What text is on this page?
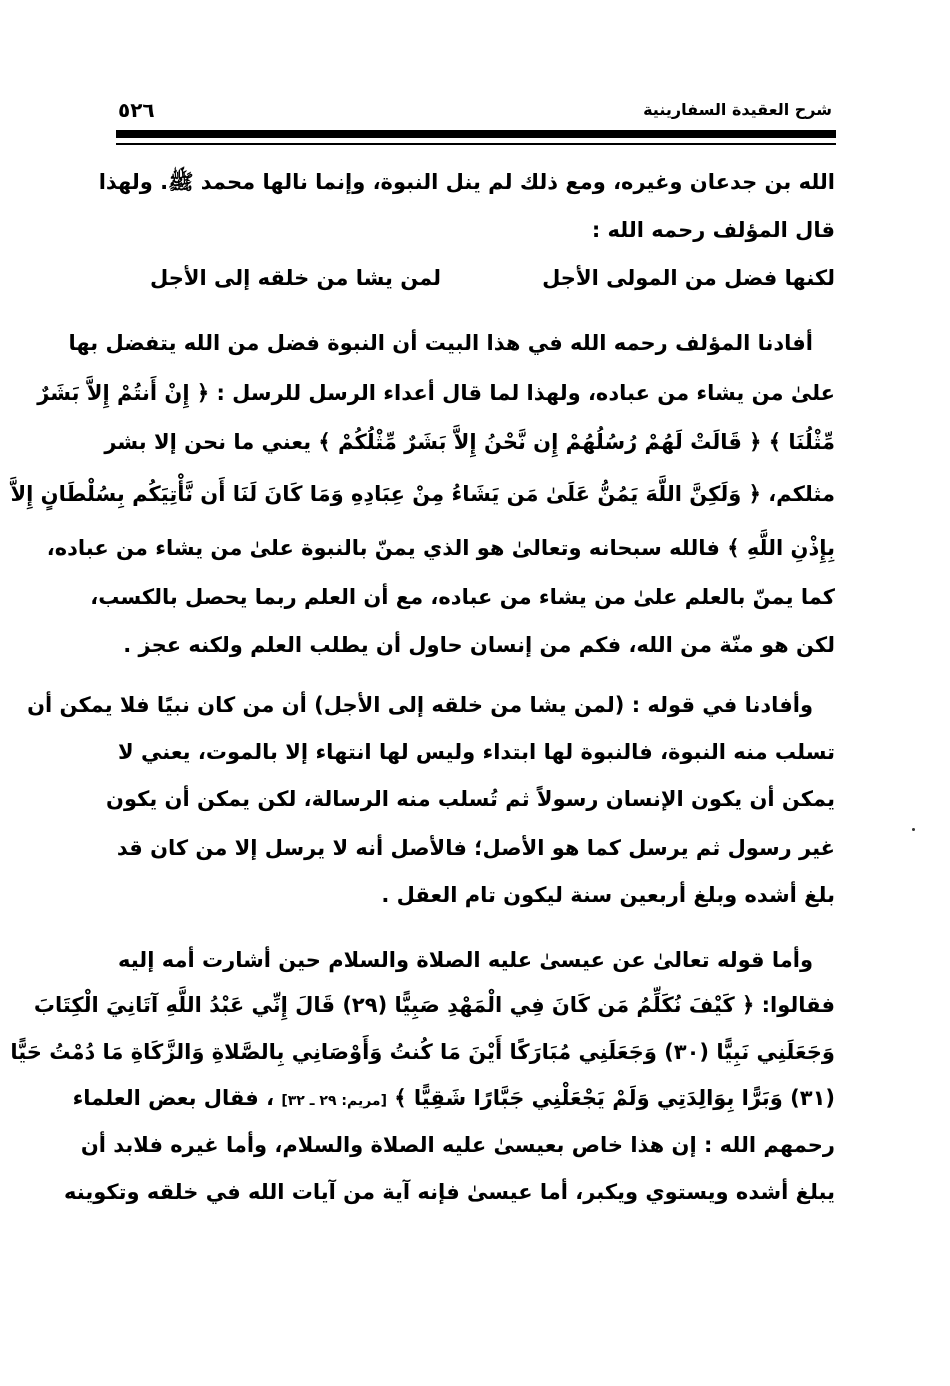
شرح العقيدة السفارينية
٥٢٦
الله بن جدعان وغيره، ومع ذلك لم ينل النبوة، وإنما نالها محمد ﷺ. ولهذا
قال المؤلف رحمه الله :
لكنها فضل من المولى الأجل
لمن يشا من خلقه إلى الأجل
أفادنا المؤلف رحمه الله في هذا البيت أن النبوة فضل من الله يتفضل بها
علىٰ من يشاء من عباده، ولهذا لما قال أعداء الرسل للرسل : ﴿ إِنْ أَنتُمْ إِلاَّ بَشَرٌ
مِّثْلُنَا ﴾ ﴿ قَالَتْ لَهُمْ رُسُلُهُمْ إِن نَّحْنُ إِلاَّ بَشَرٌ مِّثْلُكُمْ ﴾ يعني ما نحن إلا بشر
مثلكم، ﴿ وَلَكِنَّ اللَّهَ يَمُنُّ عَلَىٰ مَن يَشَاءُ مِنْ عِبَادِهِ وَمَا كَانَ لَنَا أَن نَّأْتِيَكُم بِسُلْطَانٍ إِلاَّ
بِإِذْنِ اللَّهِ ﴾ فالله سبحانه وتعالىٰ هو الذي يمنّ بالنبوة علىٰ من يشاء من عباده،
كما يمنّ بالعلم علىٰ من يشاء من عباده، مع أن العلم ربما يحصل بالكسب،
لكن هو منّة من الله، فكم من إنسان حاول أن يطلب العلم ولكنه عجز .
وأفادنا في قوله : (لمن يشا من خلقه إلى الأجل) أن من كان نبيًا فلا يمكن أن
تسلب منه النبوة، فالنبوة لها ابتداء وليس لها انتهاء إلا بالموت، يعني لا
يمكن أن يكون الإنسان رسولاً ثم تُسلب منه الرسالة، لكن يمكن أن يكون
غير رسول ثم يرسل كما هو الأصل؛ فالأصل أنه لا يرسل إلا من كان قد
بلغ أشده وبلغ أربعين سنة ليكون تام العقل .
وأما قوله تعالىٰ عن عيسىٰ عليه الصلاة والسلام حين أشارت أمه إليه
فقالوا: ﴿ كَيْفَ نُكَلِّمُ مَن كَانَ فِي الْمَهْدِ صَبِيًّا (٢٩) قَالَ إِنِّي عَبْدُ اللَّهِ آتَانِيَ الْكِتَابَ
وَجَعَلَنِي نَبِيًّا (٣٠) وَجَعَلَنِي مُبَارَكًا أَيْنَ مَا كُنتُ وَأَوْصَانِي بِالصَّلاةِ وَالزَّكَاةِ مَا دُمْتُ حَيًّا
(٣١) وَبَرًّا بِوَالِدَتِي وَلَمْ يَجْعَلْنِي جَبَّارًا شَقِيًّا ﴾ [مريم: ٢٩ ـ ٣٢] ، فقال بعض العلماء
رحمهم الله : إن هذا خاص بعيسىٰ عليه الصلاة والسلام، وأما غيره فلابد أن
يبلغ أشده ويستوي ويكبر، أما عيسىٰ فإنه آية من آيات الله في خلقه وتكوينه
